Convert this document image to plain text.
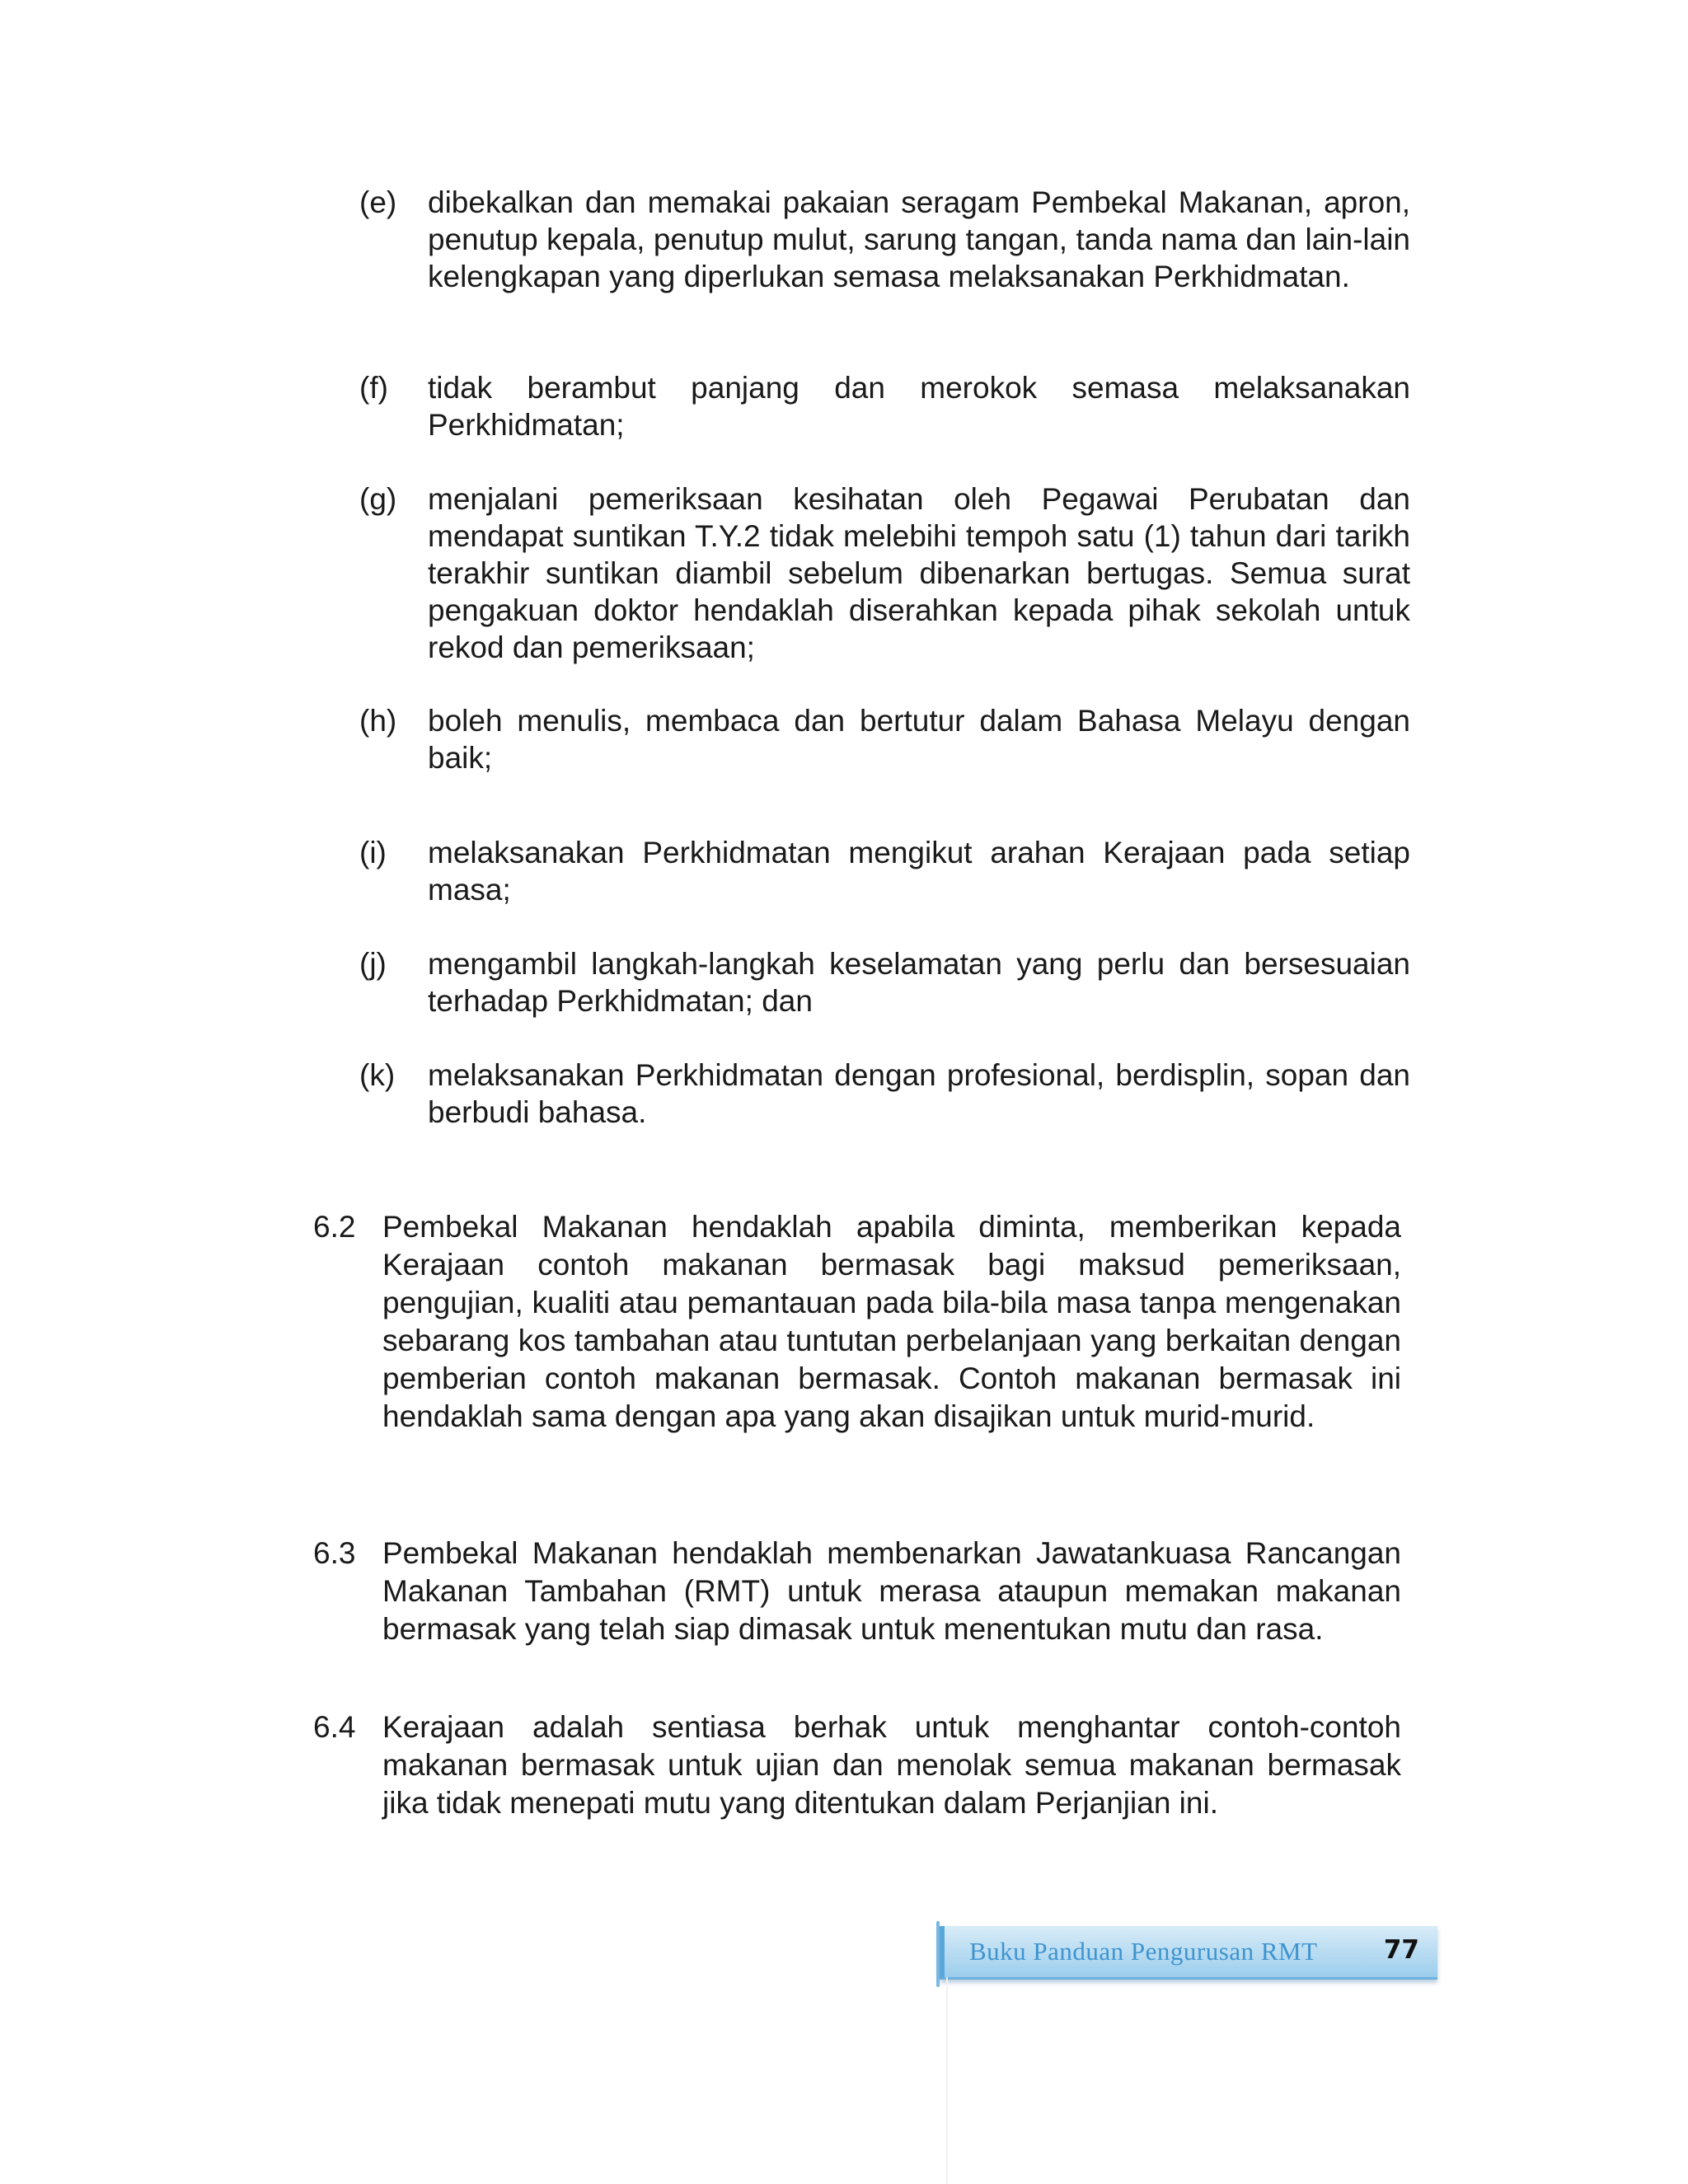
(e)	dibekalkan dan memakai pakaian seragam Pembekal Makanan, apron, penutup kepala, penutup mulut, sarung tangan, tanda nama dan lain-lain kelengkapan yang diperlukan semasa melaksanakan Perkhidmatan.
(f)	tidak berambut panjang dan merokok semasa melaksanakan Perkhidmatan;
(g)	menjalani pemeriksaan kesihatan oleh Pegawai Perubatan dan mendapat suntikan T.Y.2 tidak melebihi tempoh satu (1) tahun dari tarikh terakhir suntikan diambil sebelum dibenarkan bertugas. Semua surat pengakuan doktor hendaklah diserahkan kepada pihak sekolah untuk rekod dan pemeriksaan;
(h)	boleh menulis, membaca dan bertutur dalam Bahasa Melayu dengan baik;
(i)	melaksanakan Perkhidmatan mengikut arahan Kerajaan pada setiap masa;
(j)	mengambil langkah-langkah keselamatan yang perlu dan bersesuaian terhadap Perkhidmatan; dan
(k)	melaksanakan Perkhidmatan dengan profesional, berdisplin, sopan dan berbudi bahasa.
6.2 Pembekal Makanan hendaklah apabila diminta, memberikan kepada Kerajaan contoh makanan bermasak bagi maksud pemeriksaan, pengujian, kualiti atau pemantauan pada bila-bila masa tanpa mengenakan sebarang kos tambahan atau tuntutan perbelanjaan yang berkaitan dengan pemberian contoh makanan bermasak. Contoh makanan bermasak ini hendaklah sama dengan apa yang akan disajikan untuk murid-murid.
6.3 Pembekal Makanan hendaklah membenarkan Jawatankuasa Rancangan Makanan Tambahan (RMT) untuk merasa ataupun memakan makanan bermasak yang telah siap dimasak untuk menentukan mutu dan rasa.
6.4 Kerajaan adalah sentiasa berhak untuk menghantar contoh-contoh makanan bermasak untuk ujian dan menolak semua makanan bermasak jika tidak menepati mutu yang ditentukan dalam Perjanjian ini.
Buku Panduan Pengurusan RMT	77
